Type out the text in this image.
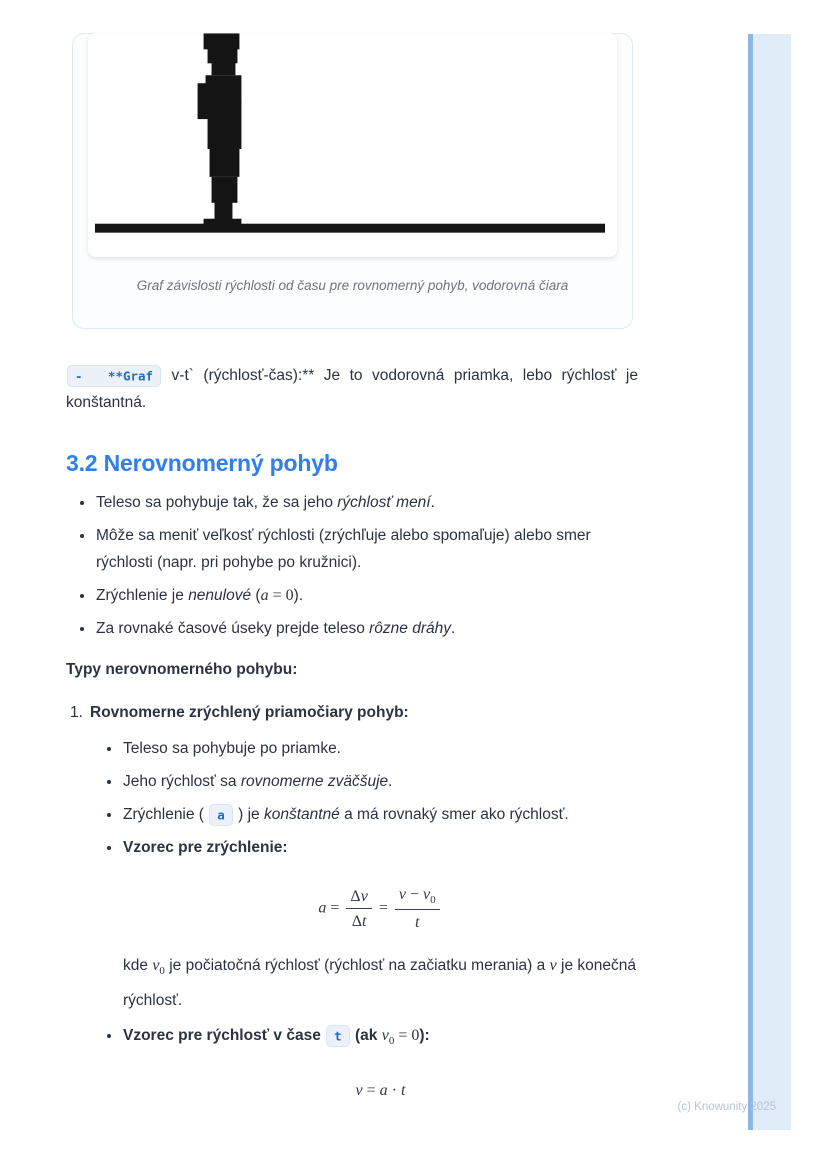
Graf závislosti rýchlosti od času pre rovnomerný pohyb, vodorovná čiara

-  **Graf v-t` (rýchlosť-čas):** Je to vodorovná priamka, lebo rýchlosť je konštantná.

3.2 Nerovnomerný pohyb
• Teleso sa pohybuje tak, že sa jeho rýchlosť mení.
• Môže sa meniť veľkosť rýchlosti (zrýchľuje alebo spomaľuje) alebo smer rýchlosti (napr. pri pohybe po kružnici).
• Zrýchlenie je nenulové (a = 0).
• Za rovnaké časové úseky prejde teleso rôzne dráhy.

Typy nerovnomerného pohybu:

1. Rovnomerne zrýchlený priamočiary pohyb:

• Teleso sa pohybuje po priamke.
• Jeho rýchlosť sa rovnomerne zväčšuje.
• Zrýchlenie ( a ) je konštantné a má rovnaký smer ako rýchlosť.
• Vzorec pre zrýchlenie:
$a = \frac{\Delta v}{\Delta t} = \frac{v - v_0}{t}$

kde $v_0$ je počiatočná rýchlosť (rýchlosť na začiatku merania) a v je konečná rýchlosť.

• Vzorec pre rýchlosť v čase t (ak $v_0 = 0$):
v = a · t
(c) Knowunity 2025
